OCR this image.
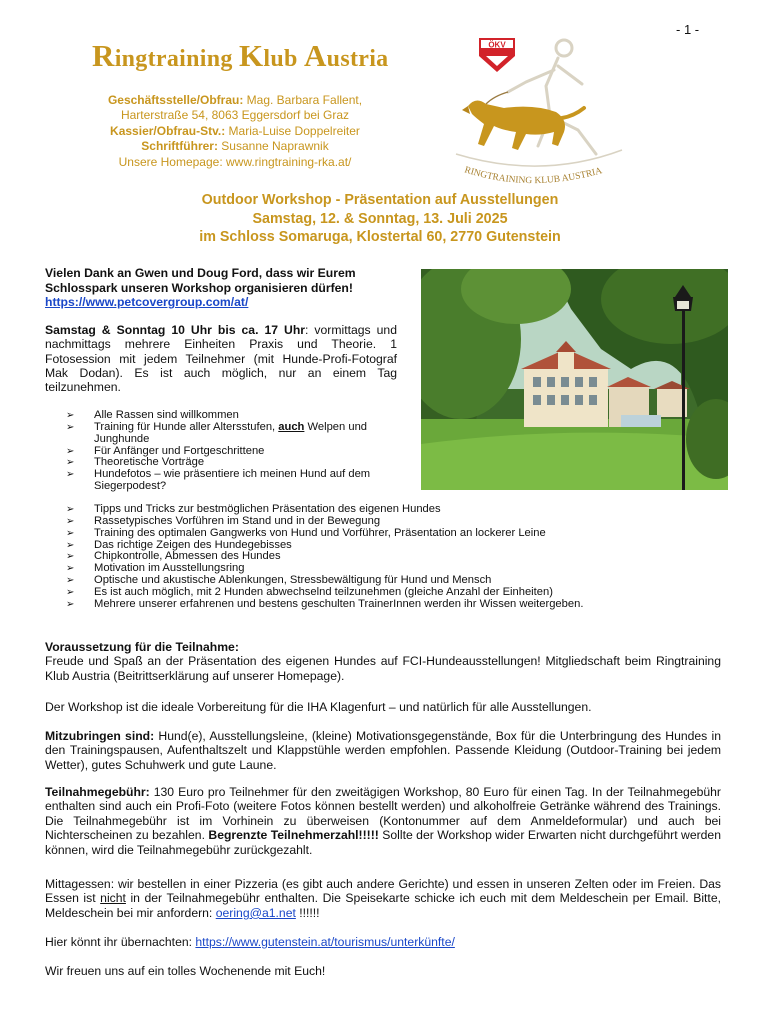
- 1 -
Ringtraining Klub Austria
Geschäftsstelle/Obfrau: Mag. Barbara Fallent,
Harterstraße 54, 8063 Eggersdorf bei Graz
Kassier/Obfrau-Stv.: Maria-Luise Doppelreiter
Schriftführer: Susanne Naprawnik
Unsere Homepage: www.ringtraining-rka.at/
ÖKV
RINGTRAINING KLUB AUSTRIA
Outdoor Workshop - Präsentation auf Ausstellungen
Samstag, 12. & Sonntag, 13. Juli 2025
im Schloss Somaruga, Klostertal 60, 2770 Gutenstein
Vielen Dank an Gwen und Doug Ford, dass wir Eurem
Schlosspark unseren Workshop organisieren dürfen!
https://www.petcovergroup.com/at/
Samstag & Sonntag 10 Uhr bis ca. 17 Uhr: vormittags und nachmittags mehrere Einheiten Praxis und Theorie. 1 Fotosession mit jedem Teilnehmer (mit Hunde-Profi-Fotograf Mak Dodan). Es ist auch möglich, nur an einem Tag teilzunehmen.
➢ Alle Rassen sind willkommen
➢ Training für Hunde aller Altersstufen, auch Welpen und Junghunde
➢ Für Anfänger und Fortgeschrittene
➢ Theoretische Vorträge
➢ Hundefotos – wie präsentiere ich meinen Hund auf dem Siegerpodest?
➢ Tipps und Tricks zur bestmöglichen Präsentation des eigenen Hundes
➢ Rassetypisches Vorführen im Stand und in der Bewegung
➢ Training des optimalen Gangwerks von Hund und Vorführer, Präsentation an lockerer Leine
➢ Das richtige Zeigen des Hundegebisses
➢ Chipkontrolle, Abmessen des Hundes
➢ Motivation im Ausstellungsring
➢ Optische und akustische Ablenkungen, Stressbewältigung für Hund und Mensch
➢ Es ist auch möglich, mit 2 Hunden abwechselnd teilzunehmen (gleiche Anzahl der Einheiten)
➢ Mehrere unserer erfahrenen und bestens geschulten TrainerInnen werden ihr Wissen weitergeben.
Voraussetzung für die Teilnahme:
Freude und Spaß an der Präsentation des eigenen Hundes auf FCI-Hundeausstellungen! Mitgliedschaft beim Ringtraining Klub Austria (Beitrittserklärung auf unserer Homepage).
Der Workshop ist die ideale Vorbereitung für die IHA Klagenfurt – und natürlich für alle Ausstellungen.
Mitzubringen sind: Hund(e), Ausstellungsleine, (kleine) Motivationsgegenstände, Box für die Unterbringung des Hundes in den Trainingspausen, Aufenthaltszelt und Klappstühle werden empfohlen. Passende Kleidung (Outdoor-Training bei jedem Wetter), gutes Schuhwerk und gute Laune.
Teilnahmegebühr: 130 Euro pro Teilnehmer für den zweitägigen Workshop, 80 Euro für einen Tag. In der Teilnahmegebühr enthalten sind auch ein Profi-Foto (weitere Fotos können bestellt werden) und alkoholfreie Getränke während des Trainings. Die Teilnahmegebühr ist im Vorhinein zu überweisen (Kontonummer auf dem Anmeldeformular) und auch bei Nichterscheinen zu bezahlen. Begrenzte Teilnehmerzahl!!!!! Sollte der Workshop wider Erwarten nicht durchgeführt werden können, wird die Teilnahmegebühr zurückgezahlt.
Mittagessen: wir bestellen in einer Pizzeria (es gibt auch andere Gerichte) und essen in unseren Zelten oder im Freien. Das Essen ist nicht in der Teilnahmegebühr enthalten. Die Speisekarte schicke ich euch mit dem Meldeschein per Email. Bitte, Meldeschein bei mir anfordern: oering@a1.net !!!!!!
Hier könnt ihr übernachten: https://www.gutenstein.at/tourismus/unterkünfte/
Wir freuen uns auf ein tolles Wochenende mit Euch!
